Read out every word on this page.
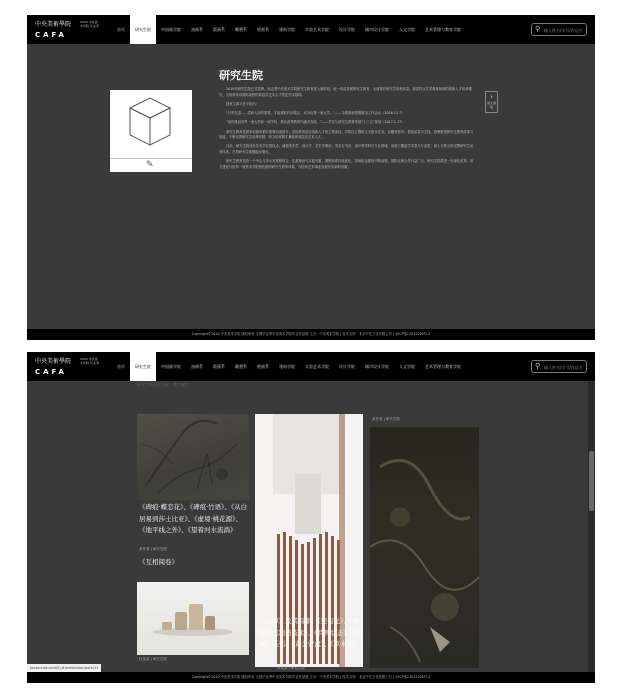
中央美術學院
CAFA
2020 中央美术学院 毕业季
首页	研究生院	中国画学院	油画系	版画系	雕塑系	壁画系	建筑学院	实验艺术学院	设计学院	城市设计学院	人文学院	艺术管理与教育学院	⚲
输入姓名/学号/作品名
研究生院
✎
›
进入展馆

2019年研究生院正式挂牌，标志着中央美术学院研究生教育进入新阶段，统一布局发展研究生教育，全面提升研究生培养质量，探索符合艺术教育规律的创新人才培养模式，为培养具有国际视野的高层次艺术人才奠定坚实基础。

国家主席习近平指出：

“只有先进……党和人民的需要，才能被时代所铭记，成为世界一流大学。”——全国高校思想政治工作会议（2016.12.7）

“加快建设世界一流大学和一流学科，推动高等教育内涵式发展。”——学位与研究生教育发展“十三五”规划（2017.1.17）

研究生教育是国家创新体系的重要组成部分，是培养高层次创新人才的主要途径。学院以立德树人为根本任务，以服务需求、提高质量为主线，统筹推进研究生教育改革与发展，不断完善研究生培养机制，努力培养德才兼备的高层次艺术人才。

目前，研究生院设有各类学位授权点，涵盖美术学、设计学、艺术学理论、美术与书法、设计等学科与专业领域，形成了覆盖学术型与专业型、硕士与博士的完整研究生培养体系，在校研究生规模稳步增长。

研究生教育坚持一个中心与多元发展相结合，注重理论与实践并重，课程体系持续优化，导师队伍建设不断加强，国际交流合作日益广泛，研究生院将进一步深化改革，努力建设与世界一流美术学院相匹配的研究生教育体系，为国家艺术事业发展作出新的贡献。

Copyright©2020 中央美术学院 版权所有 全国毕业季中央美术学院毕业作品展 主办：中央美术学院 | 技术支持：北京中艺文化有限公司 | 京ICP备17012209号-2
中央美術學院
CAFA
2020 中央美术学院 毕业季
首页	研究生院	中国画学院	油画系	版画系	雕塑系	壁画系	建筑学院	实验艺术学院	设计学院	城市设计学院	人文学院	艺术管理与教育学院	⚲
输入姓名/学号/作品名
研究生毕业作品展 · 线上展厅
《碑痕·蝶恋花》、《碑痕·竹语》、《从白居易到莎士比亚》、《虚境·桃花源》、《地平线之外》、《望着河水流淌》
某作者 | 研究生院
《互相阅卷》
杜某某 | 研究生院
《旧仰》及其局部、《要有光》、《现代飞机制造技术》、《特殊状态》、《用具》系列、《黄金营盘》、《草木深》
李某某 | 研究生院
某作者 | 研究生院
javascript:void(0);#/exhibition/work/11
Copyright©2020 中央美术学院 版权所有 全国毕业季中央美术学院毕业作品展 主办：中央美术学院 | 技术支持：北京中艺文化有限公司 | 京ICP备17012209号-2
